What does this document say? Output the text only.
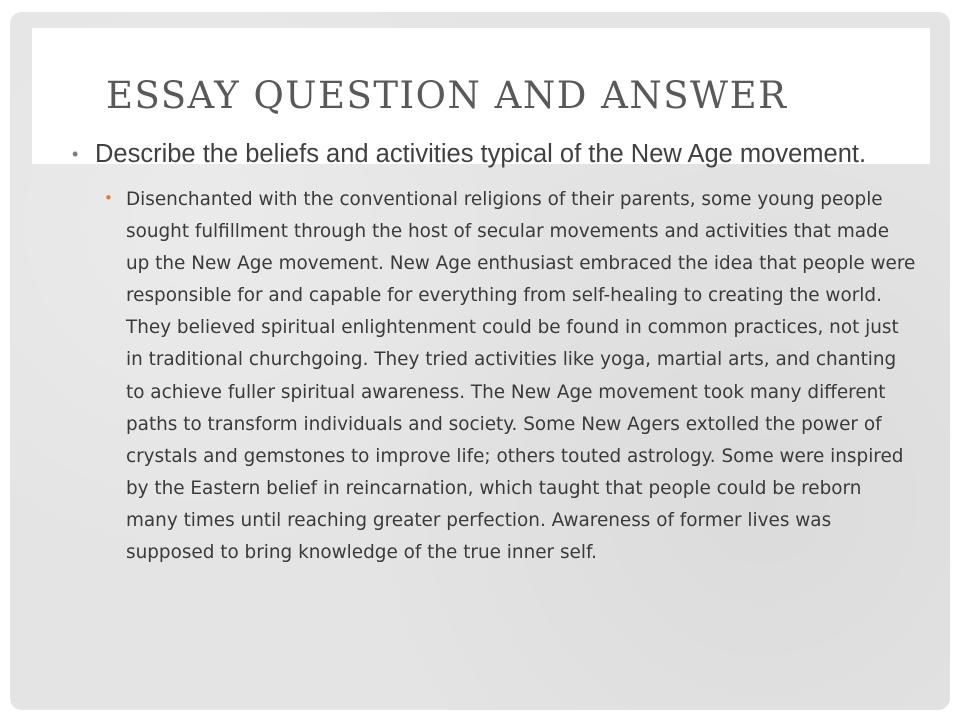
ESSAY QUESTION AND ANSWER
• Describe the beliefs and activities typical of the New Age movement.
• Disenchanted with the conventional religions of their parents, some young people sought fulfillment through the host of secular movements and activities that made up the New Age movement. New Age enthusiast embraced the idea that people were responsible for and capable for everything from self-healing to creating the world. They believed spiritual enlightenment could be found in common practices, not just in traditional churchgoing. They tried activities like yoga, martial arts, and chanting to achieve fuller spiritual awareness. The New Age movement took many different paths to transform individuals and society. Some New Agers extolled the power of crystals and gemstones to improve life; others touted astrology. Some were inspired by the Eastern belief in reincarnation, which taught that people could be reborn many times until reaching greater perfection. Awareness of former lives was supposed to bring knowledge of the true inner self.
